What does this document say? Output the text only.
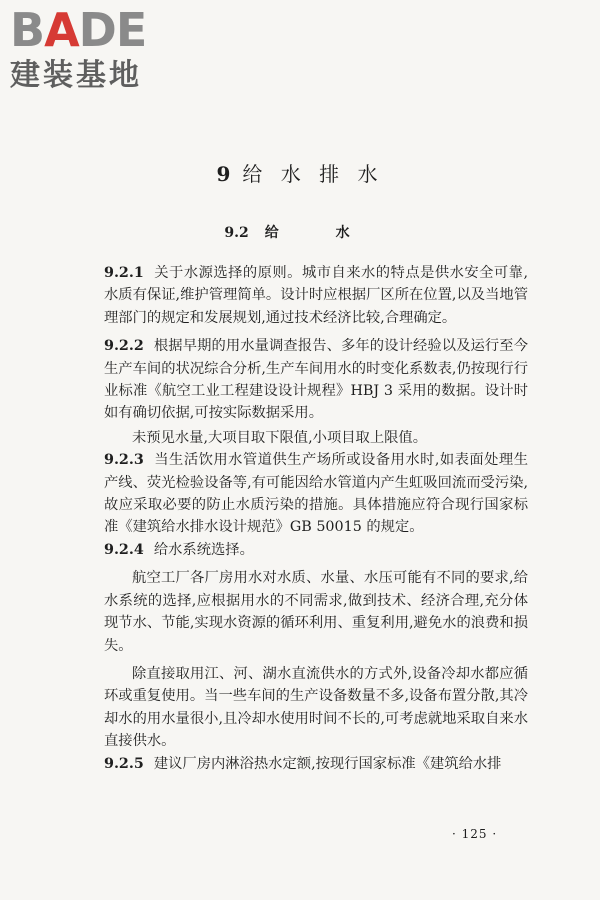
BADE
建装基地
9 给 水 排 水
9.2 给 水

9.2.1 关于水源选择的原则。城市自来水的特点是供水安全可靠,水质有保证,维护管理简单。设计时应根据厂区所在位置,以及当地管理部门的规定和发展规划,通过技术经济比较,合理确定。

9.2.2 根据早期的用水量调查报告、多年的设计经验以及运行至今生产车间的状况综合分析,生产车间用水的时变化系数表,仍按现行行业标准《航空工业工程建设设计规程》HBJ 3 采用的数据。设计时如有确切依据,可按实际数据采用。

未预见水量,大项目取下限值,小项目取上限值。

9.2.3 当生活饮用水管道供生产场所或设备用水时,如表面处理生产线、荧光检验设备等,有可能因给水管道内产生虹吸回流而受污染,故应采取必要的防止水质污染的措施。具体措施应符合现行国家标准《建筑给水排水设计规范》GB 50015 的规定。

9.2.4 给水系统选择。

航空工厂各厂房用水对水质、水量、水压可能有不同的要求,给水系统的选择,应根据用水的不同需求,做到技术、经济合理,充分体现节水、节能,实现水资源的循环利用、重复利用,避免水的浪费和损失。

除直接取用江、河、湖水直流供水的方式外,设备冷却水都应循环或重复使用。当一些车间的生产设备数量不多,设备布置分散,其冷却水的用水量很小,且冷却水使用时间不长的,可考虑就地采取自来水直接供水。

9.2.5 建议厂房内淋浴热水定额,按现行国家标准《建筑给水排

· 125 ·
